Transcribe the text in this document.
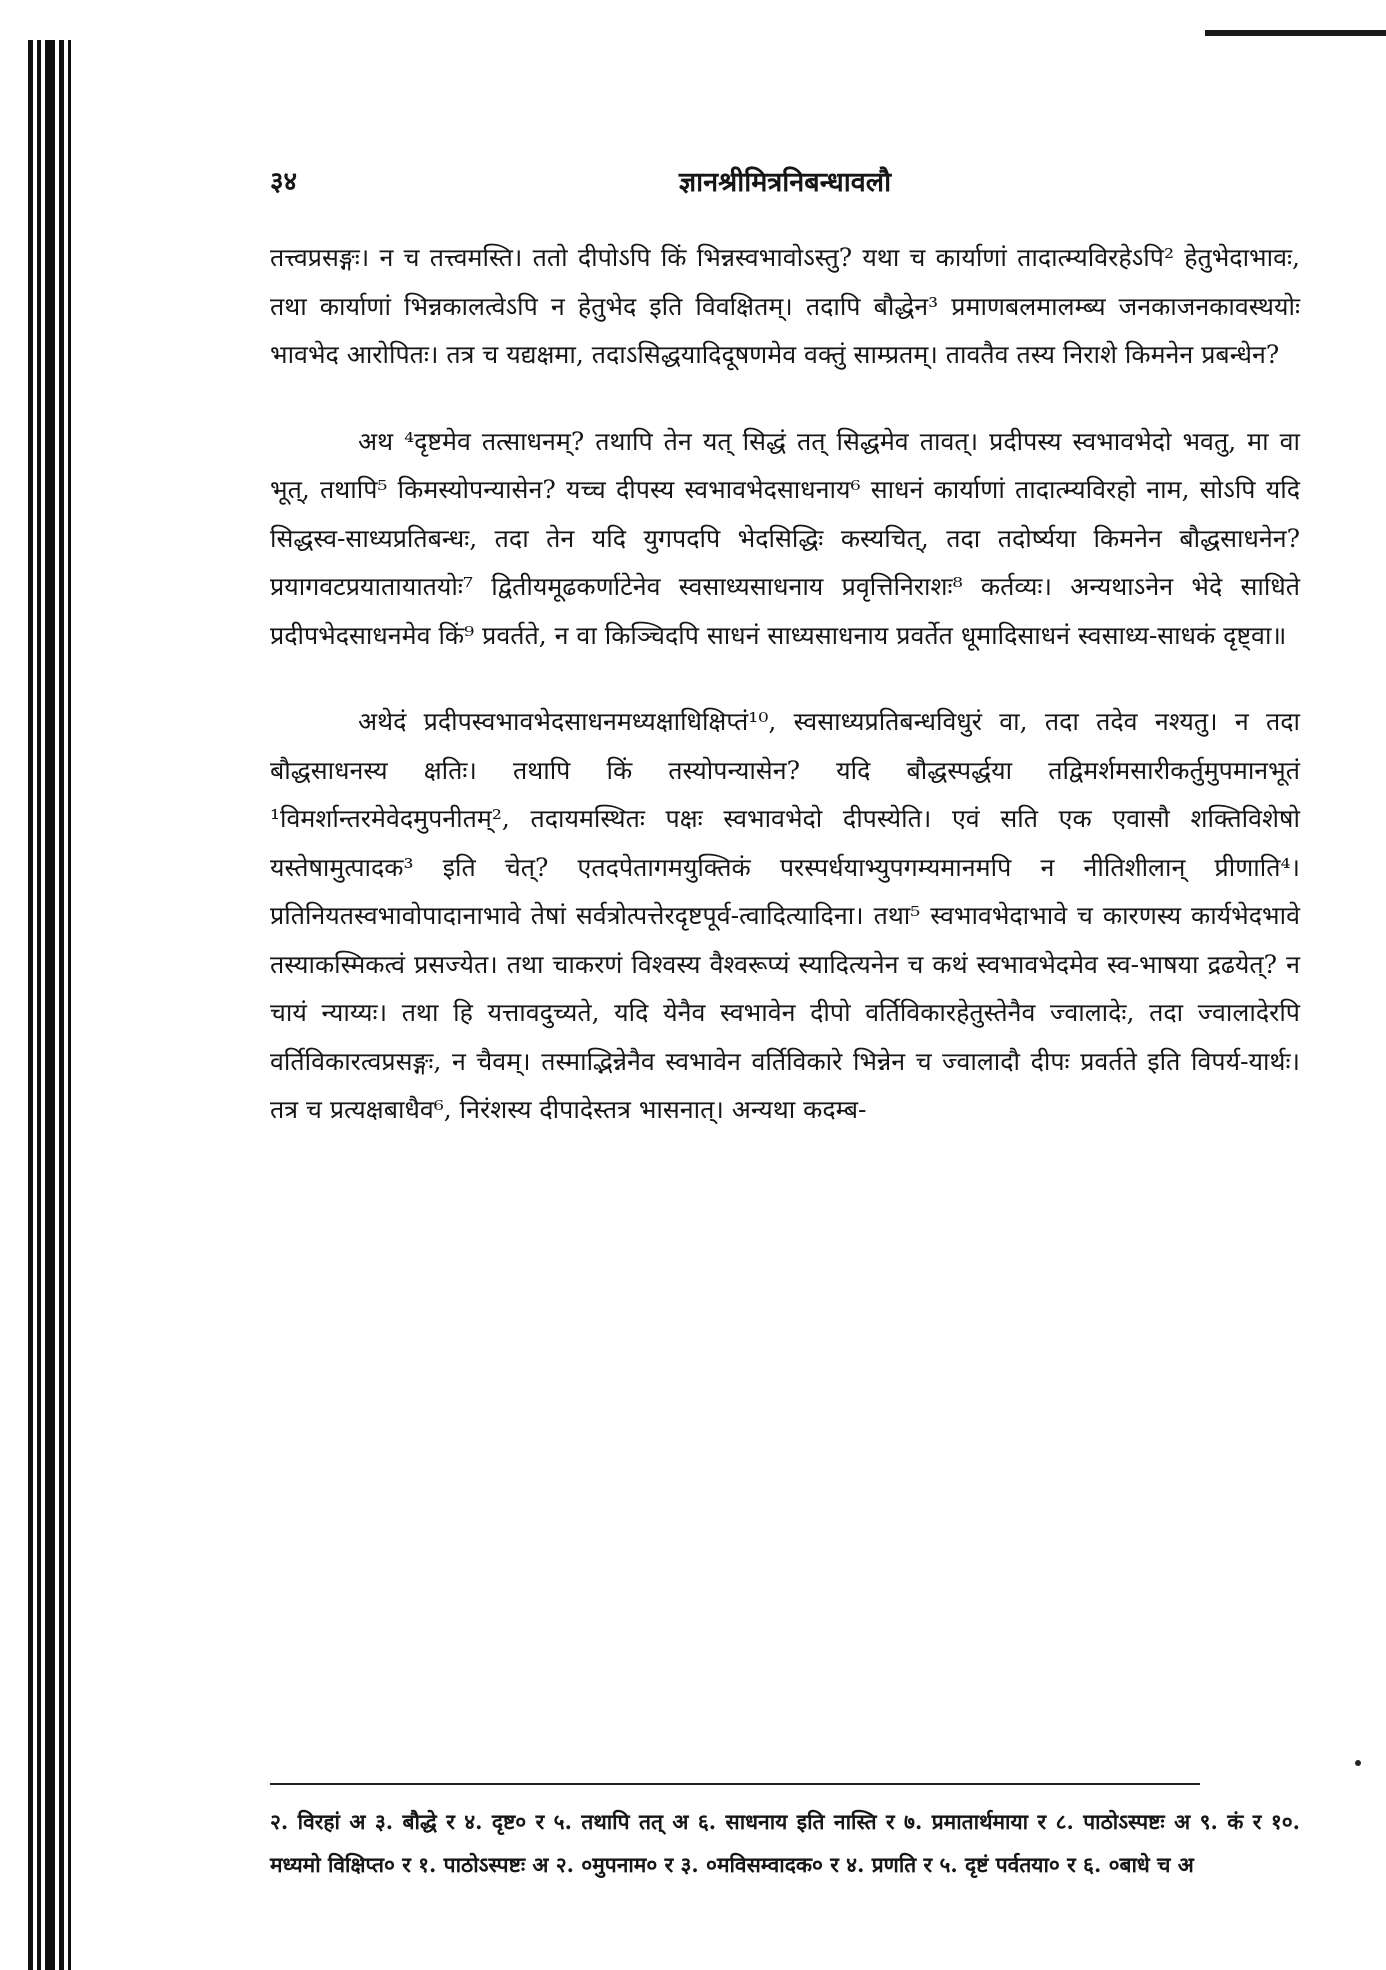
३४	ज्ञानश्रीमित्रनिबन्धावलौ

तत्त्वप्रसङ्गः। न च तत्त्वमस्ति। ततो दीपोऽपि किं भिन्नस्वभावोऽस्तु? यथा च कार्याणां तादात्म्यविरहेऽपि² हेतुभेदाभावः, तथा कार्याणां भिन्नकालत्वेऽपि न हेतुभेद इति विवक्षितम्। तदापि बौद्धेन³ प्रमाणबलमालम्ब्य जनकाजनकावस्थयोः भावभेद आरोपितः। तत्र च यद्यक्षमा, तदाऽसिद्धयादिदूषणमेव वक्तुं साम्प्रतम्। तावतैव तस्य निराशे किमनेन प्रबन्धेन?

अथ ⁴दृष्टमेव तत्साधनम्? तथापि तेन यत् सिद्धं तत् सिद्धमेव तावत्। प्रदीपस्य स्वभावभेदो भवतु, मा वा भूत्, तथापि⁵ किमस्योपन्यासेन? यच्च दीपस्य स्वभावभेदसाधनाय⁶ साधनं कार्याणां तादात्म्यविरहो नाम, सोऽपि यदि सिद्धस्व-साध्यप्रतिबन्धः, तदा तेन यदि युगपदपि भेदसिद्धिः कस्यचित्, तदा तदोर्ष्यया किमनेन बौद्धसाधनेन? प्रयागवटप्रयातायातयोः⁷ द्वितीयमूढकर्णाटेनेव स्वसाध्यसाधनाय प्रवृत्तिनिराशः⁸ कर्तव्यः। अन्यथाऽनेन भेदे साधिते प्रदीपभेदसाधनमेव किं⁹ प्रवर्तते, न वा किञ्चिदपि साधनं साध्यसाधनाय प्रवर्तेत धूमादिसाधनं स्वसाध्य-साधकं दृष्ट्वा॥

अथेदं प्रदीपस्वभावभेदसाधनमध्यक्षाधिक्षिप्तं¹⁰, स्वसाध्यप्रतिबन्धविधुरं वा, तदा तदेव नश्यतु। न तदा बौद्धसाधनस्य क्षतिः। तथापि किं तस्योपन्यासेन? यदि बौद्धस्पर्द्धया तद्विमर्शमसारीकर्तुमुपमानभूतं ¹विमर्शान्तरमेवेदमुपनीतम्², तदायमस्थितः पक्षः स्वभावभेदो दीपस्येति। एवं सति एक एवासौ शक्तिविशेषो यस्तेषामुत्पादक³ इति चेत्? एतदपेतागमयुक्तिकं परस्पर्धयाभ्युपगम्यमानमपि न नीतिशीलान् प्रीणाति⁴। प्रतिनियतस्वभावोपादानाभावे तेषां सर्वत्रोत्पत्तेरदृष्टपूर्व-त्वादित्यादिना। तथा⁵ स्वभावभेदाभावे च कारणस्य कार्यभेदभावे तस्याकस्मिकत्वं प्रसज्येत। तथा चाकरणं विश्वस्य वैश्वरूप्यं स्यादित्यनेन च कथं स्वभावभेदमेव स्व-भाषया द्रढयेत्? न चायं न्याय्यः। तथा हि यत्तावदुच्यते, यदि येनैव स्वभावेन दीपो वर्तिविकारहेतुस्तेनैव ज्वालादेः, तदा ज्वालादेरपि वर्तिविकारत्वप्रसङ्गः, न चैवम्। तस्माद्भिन्नेनैव स्वभावेन वर्तिविकारे भिन्नेन च ज्वालादौ दीपः प्रवर्तते इति विपर्य-यार्थः। तत्र च प्रत्यक्षबाधैव⁶, निरंशस्य दीपादेस्तत्र भासनात्। अन्यथा कदम्ब-

२. विरहां अ ३. बौद्धे र ४. दृष्ट० र ५. तथापि तत् अ ६. साधनाय इति नास्ति र ७. प्रमातार्थमाया र ८. पाठोऽस्पष्टः अ ९. कं र १०. मध्यमो विक्षिप्त० र १. पाठोऽस्पष्टः अ २. ०मुपनाम० र ३. ०मविसम्वादक० र ४. प्रणति र ५. दृष्टं पर्वतया० र ६. ०बाधे च अ
